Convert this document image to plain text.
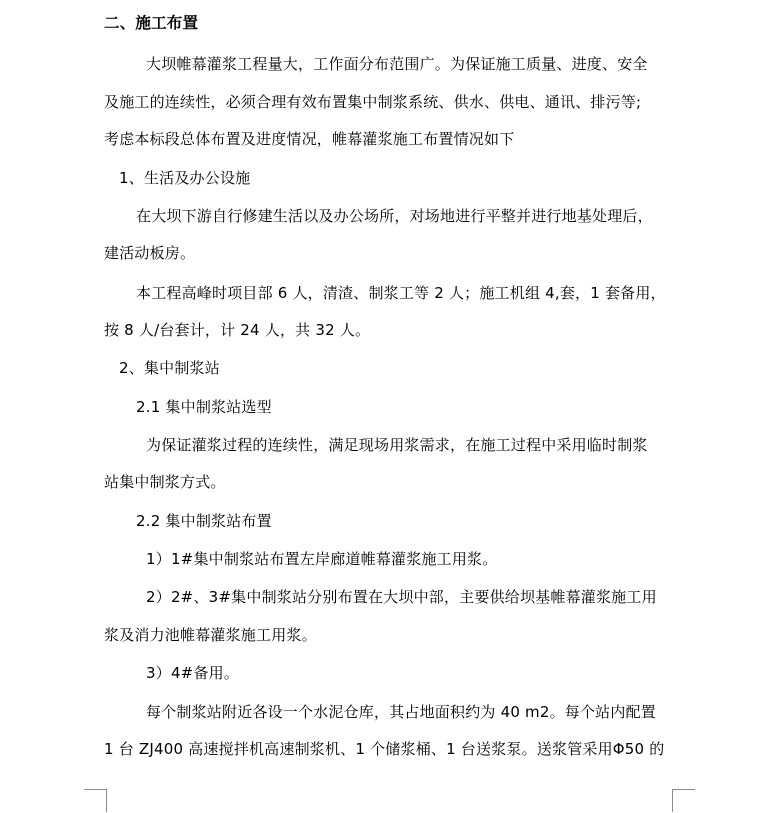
二、施工布置
大坝帷幕灌浆工程量大，工作面分布范围广。为保证施工质量、进度、安全
及施工的连续性，必须合理有效布置集中制浆系统、供水、供电、通讯、排污等;
考虑本标段总体布置及进度情况，帷幕灌浆施工布置情况如下
1、生活及办公设施
在大坝下游自行修建生活以及办公场所，对场地进行平整并进行地基处理后，
建活动板房。
本工程高峰时项目部 6 人，清渣、制浆工等 2 人；施工机组 4,套，1 套备用，
按 8 人/台套计，计 24 人，共 32 人。
2、集中制浆站
2.1 集中制浆站选型
为保证灌浆过程的连续性，满足现场用浆需求，在施工过程中采用临时制浆
站集中制浆方式。
2.2 集中制浆站布置
1）1#集中制浆站布置左岸廊道帷幕灌浆施工用浆。
2）2#、3#集中制浆站分别布置在大坝中部，主要供给坝基帷幕灌浆施工用
浆及消力池帷幕灌浆施工用浆。
3）4#备用。
每个制浆站附近各设一个水泥仓库，其占地面积约为 40 m2。每个站内配置
1 台 ZJ400 高速搅拌机高速制浆机、1 个储浆桶、1 台送浆泵。送浆管采用Φ50 的
